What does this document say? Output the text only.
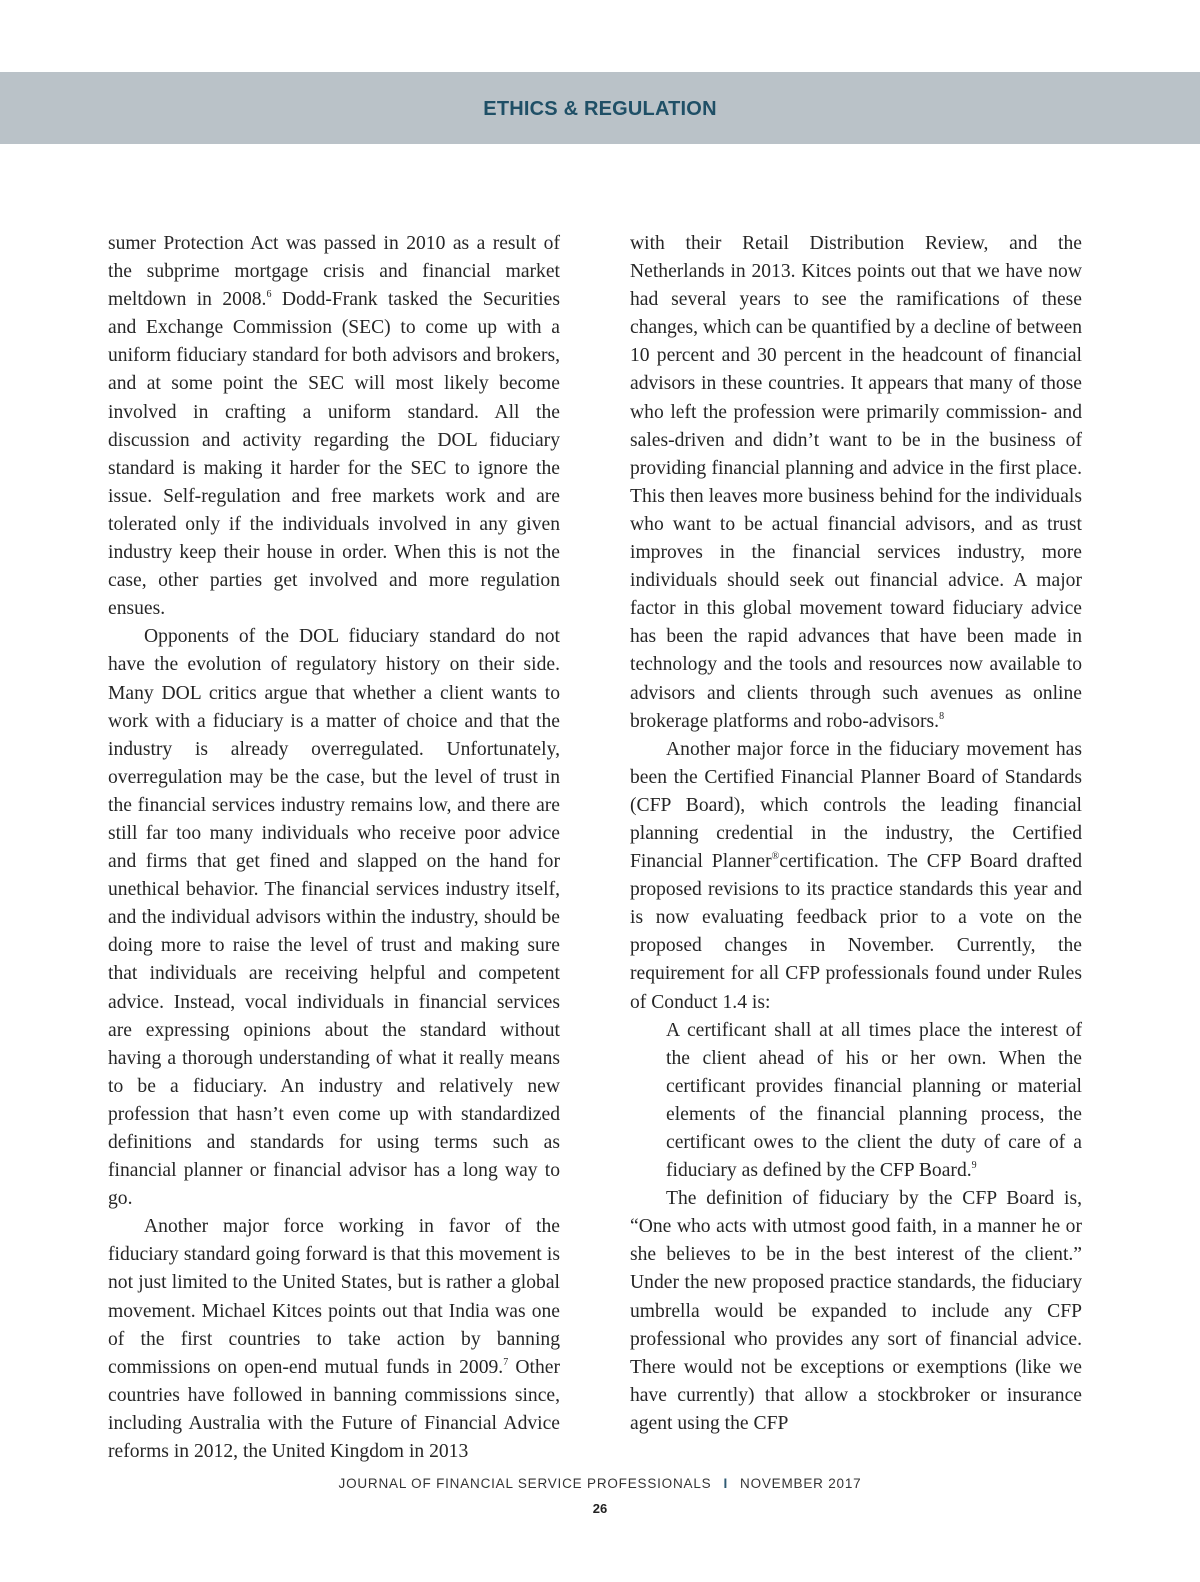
ETHICS & REGULATION

sumer Protection Act was passed in 2010 as a result of the subprime mortgage crisis and financial market meltdown in 2008.$^6$ Dodd-Frank tasked the Securities and Exchange Commission (SEC) to come up with a uniform fiduciary standard for both advisors and brokers, and at some point the SEC will most likely become involved in crafting a uniform standard. All the discussion and activity regarding the DOL fiduciary standard is making it harder for the SEC to ignore the issue. Self-regulation and free markets work and are tolerated only if the individuals involved in any given industry keep their house in order. When this is not the case, other parties get involved and more regulation ensues.

Opponents of the DOL fiduciary standard do not have the evolution of regulatory history on their side. Many DOL critics argue that whether a client wants to work with a fiduciary is a matter of choice and that the industry is already overregulated. Unfortunately, overregulation may be the case, but the level of trust in the financial services industry remains low, and there are still far too many individuals who receive poor advice and firms that get fined and slapped on the hand for unethical behavior. The financial services industry itself, and the individual advisors within the industry, should be doing more to raise the level of trust and making sure that individuals are receiving helpful and competent advice. Instead, vocal individuals in financial services are expressing opinions about the standard without having a thorough understanding of what it really means to be a fiduciary. An industry and relatively new profession that hasn’t even come up with standardized definitions and standards for using terms such as financial planner or financial advisor has a long way to go.

Another major force working in favor of the fiduciary standard going forward is that this movement is not just limited to the United States, but is rather a global movement. Michael Kitces points out that India was one of the first countries to take action by banning commissions on open-end mutual funds in 2009.$^7$ Other countries have followed in banning commissions since, including Australia with the Future of Financial Advice reforms in 2012, the United Kingdom in 2013

with their Retail Distribution Review, and the Netherlands in 2013. Kitces points out that we have now had several years to see the ramifications of these changes, which can be quantified by a decline of between 10 percent and 30 percent in the headcount of financial advisors in these countries. It appears that many of those who left the profession were primarily commission- and sales-driven and didn’t want to be in the business of providing financial planning and advice in the first place. This then leaves more business behind for the individuals who want to be actual financial advisors, and as trust improves in the financial services industry, more individuals should seek out financial advice. A major factor in this global movement toward fiduciary advice has been the rapid advances that have been made in technology and the tools and resources now available to advisors and clients through such avenues as online brokerage platforms and robo-advisors.$^8$

Another major force in the fiduciary movement has been the Certified Financial Planner Board of Standards (CFP Board), which controls the leading financial planning credential in the industry, the Certified Financial Planner®certification. The CFP Board drafted proposed revisions to its practice standards this year and is now evaluating feedback prior to a vote on the proposed changes in November. Currently, the requirement for all CFP professionals found under Rules of Conduct 1.4 is:

A certificant shall at all times place the interest of the client ahead of his or her own. When the certificant provides financial planning or material elements of the financial planning process, the certificant owes to the client the duty of care of a fiduciary as defined by the CFP Board.$^9$

The definition of fiduciary by the CFP Board is, “One who acts with utmost good faith, in a manner he or she believes to be in the best interest of the client.” Under the new proposed practice standards, the fiduciary umbrella would be expanded to include any CFP professional who provides any sort of financial advice. There would not be exceptions or exemptions (like we have currently) that allow a stockbroker or insurance agent using the CFP

JOURNAL OF FINANCIAL SERVICE PROFESSIONALS I NOVEMBER 2017
26
